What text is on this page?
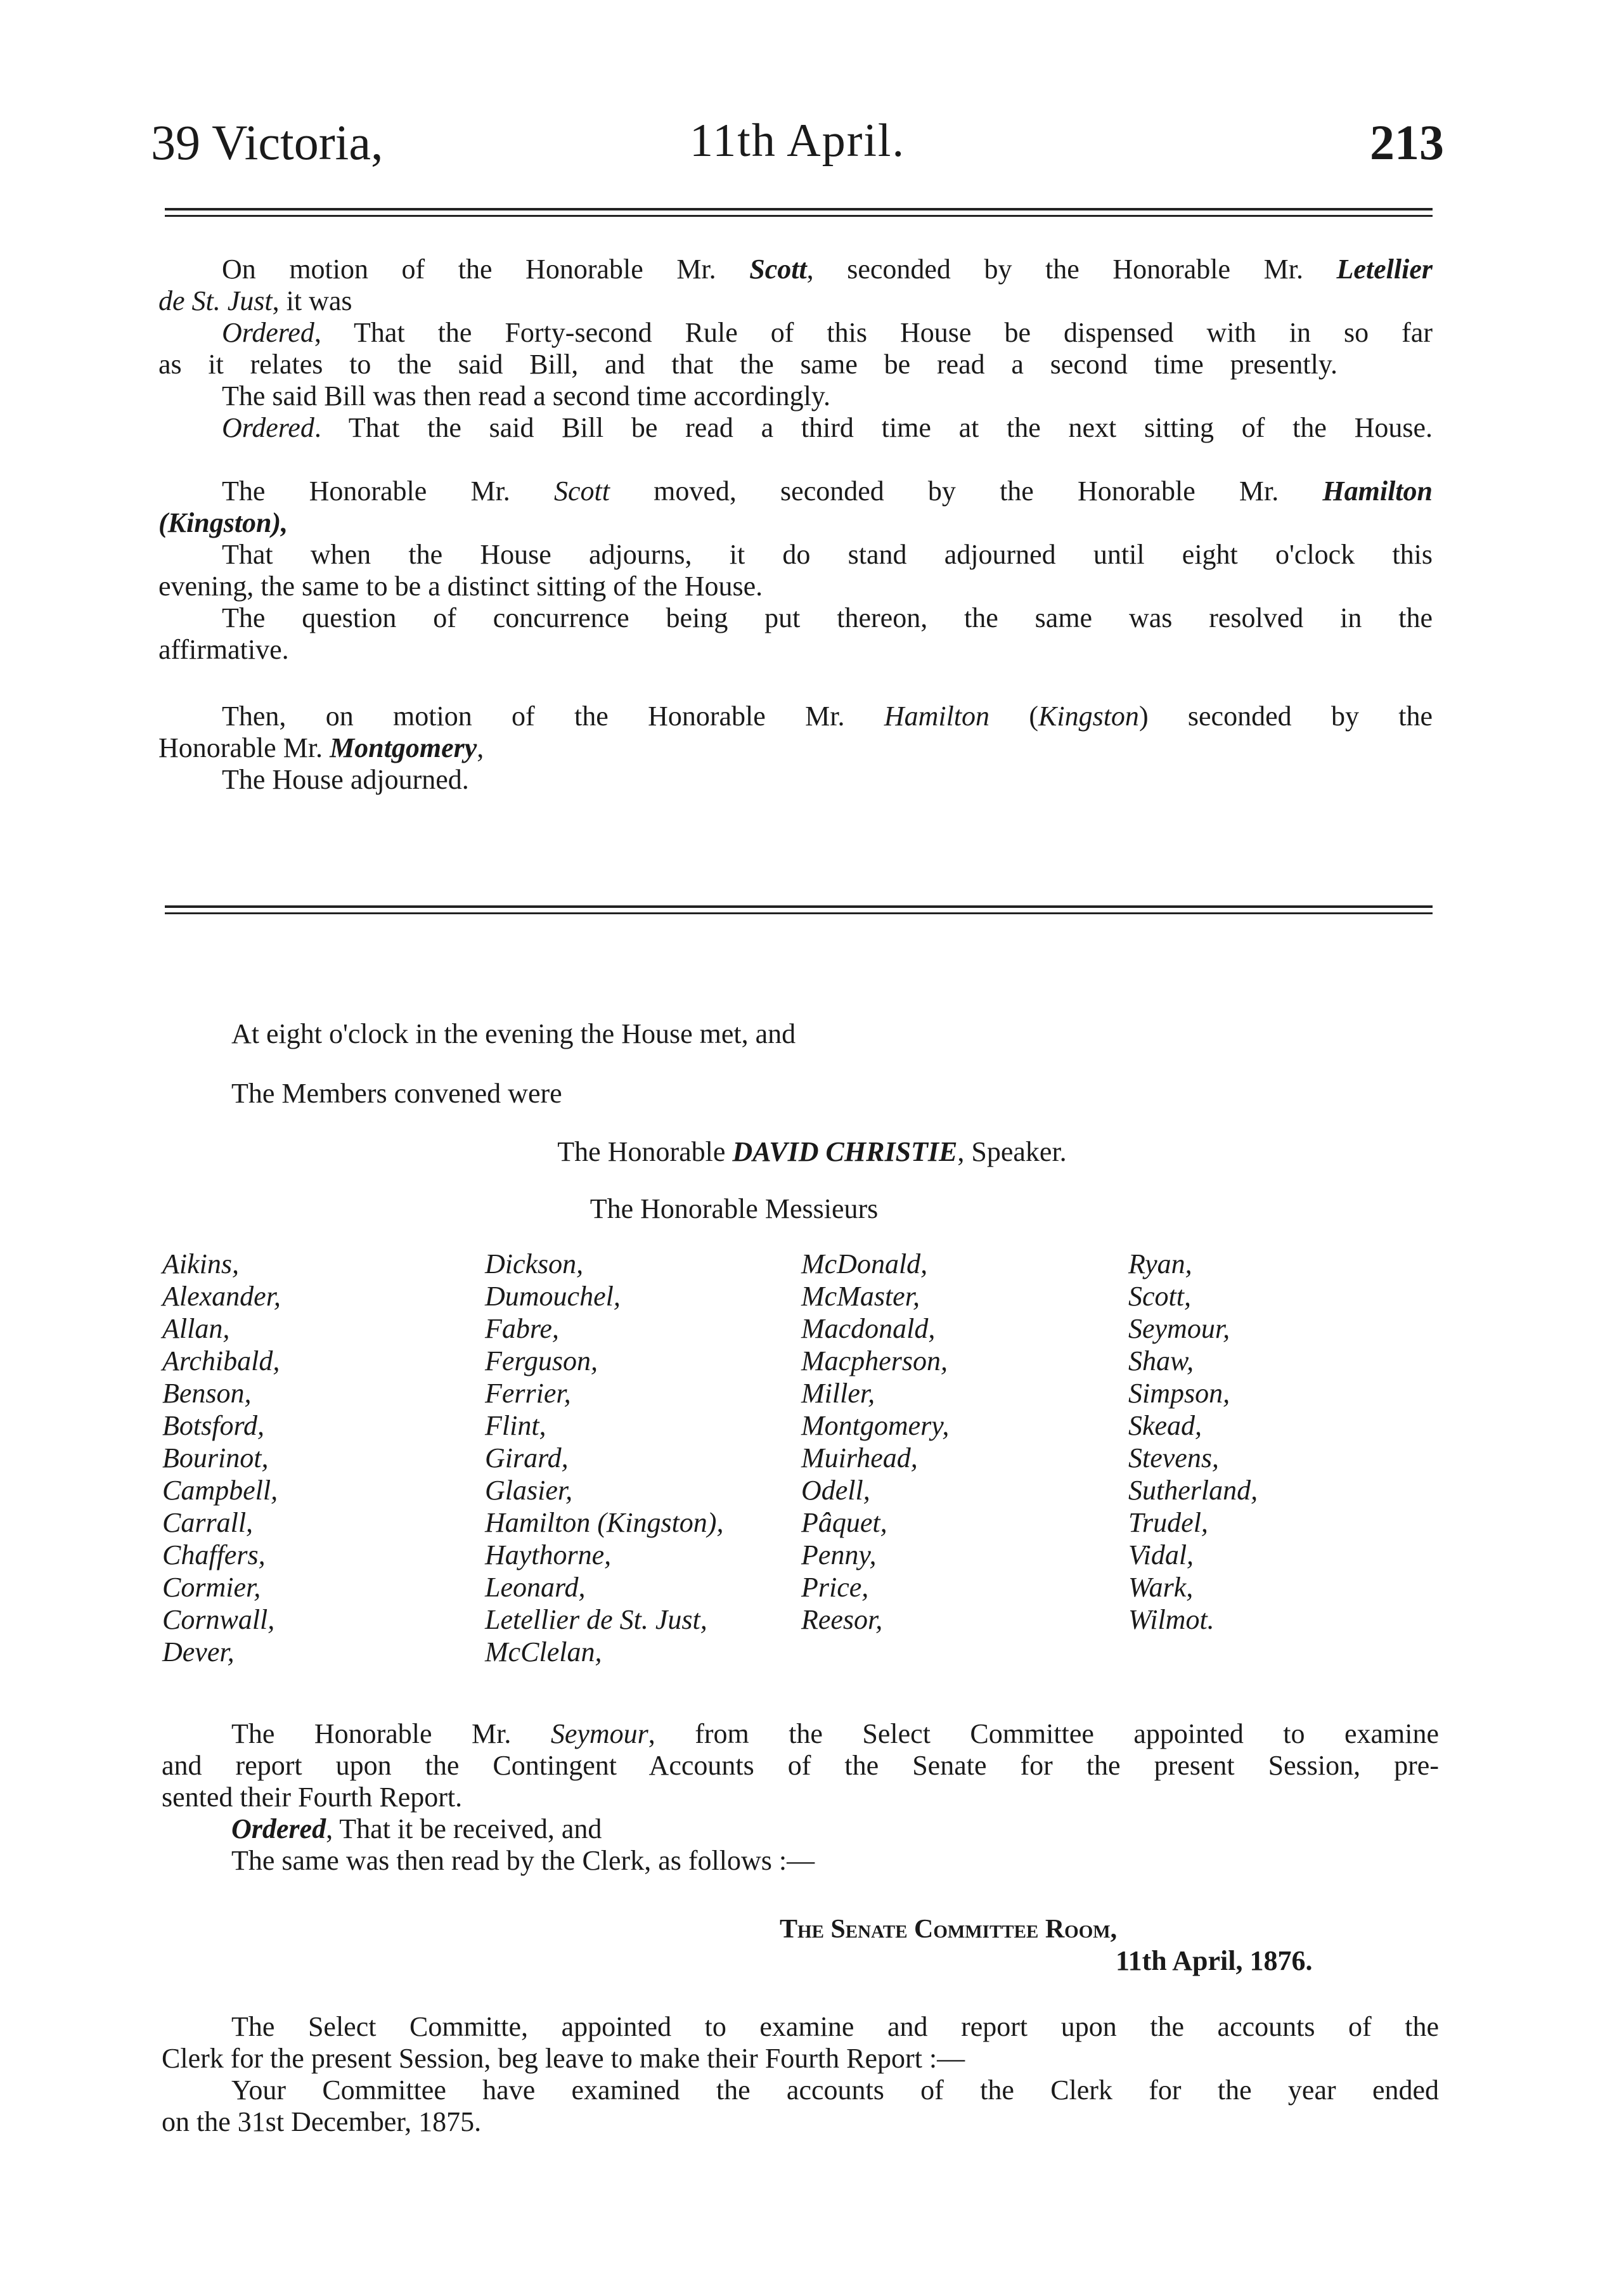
39 Victoria,	11th April.	213
On motion of the Honorable Mr. Scott, seconded by the Honorable Mr. Letellier
de St. Just, it was
Ordered, That the Forty-second Rule of this House be dispensed with in so far
as it relates to the said Bill, and that the same be read a second time presently.
The said Bill was then read a second time accordingly.
Ordered. That the said Bill be read a third time at the next sitting of the House.
The Honorable Mr. Scott moved, seconded by the Honorable Mr. Hamilton
(Kingston),
That when the House adjourns, it do stand adjourned until eight o'clock this
evening, the same to be a distinct sitting of the House.
The question of concurrence being put thereon, the same was resolved in the
affirmative.
Then, on motion of the Honorable Mr. Hamilton (Kingston) seconded by the
Honorable Mr. Montgomery,
The House adjourned.
At eight o'clock in the evening the House met, and
The Members convened were
The Honorable DAVID CHRISTIE, Speaker.
The Honorable Messieurs
Aikins,
Alexander,
Allan,
Archibald,
Benson,
Botsford,
Bourinot,
Campbell,
Carrall,
Chaffers,
Cormier,
Cornwall,
Dever,
Dickson,
Dumouchel,
Fabre,
Ferguson,
Ferrier,
Flint,
Girard,
Glasier,
Hamilton (Kingston),
Haythorne,
Leonard,
Letellier de St. Just,
McClelan,
McDonald,
McMaster,
Macdonald,
Macpherson,
Miller,
Montgomery,
Muirhead,
Odell,
Pâquet,
Penny,
Price,
Reesor,
Ryan,
Scott,
Seymour,
Shaw,
Simpson,
Skead,
Stevens,
Sutherland,
Trudel,
Vidal,
Wark,
Wilmot.
The Honorable Mr. Seymour, from the Select Committee appointed to examine
and report upon the Contingent Accounts of the Senate for the present Session, pre-
sented their Fourth Report.
Ordered, That it be received, and
The same was then read by the Clerk, as follows :—
The Senate Committee Room,
11th April, 1876.
The Select Committe, appointed to examine and report upon the accounts of the
Clerk for the present Session, beg leave to make their Fourth Report :—
Your Committee have examined the accounts of the Clerk for the year ended
on the 31st December, 1875.
